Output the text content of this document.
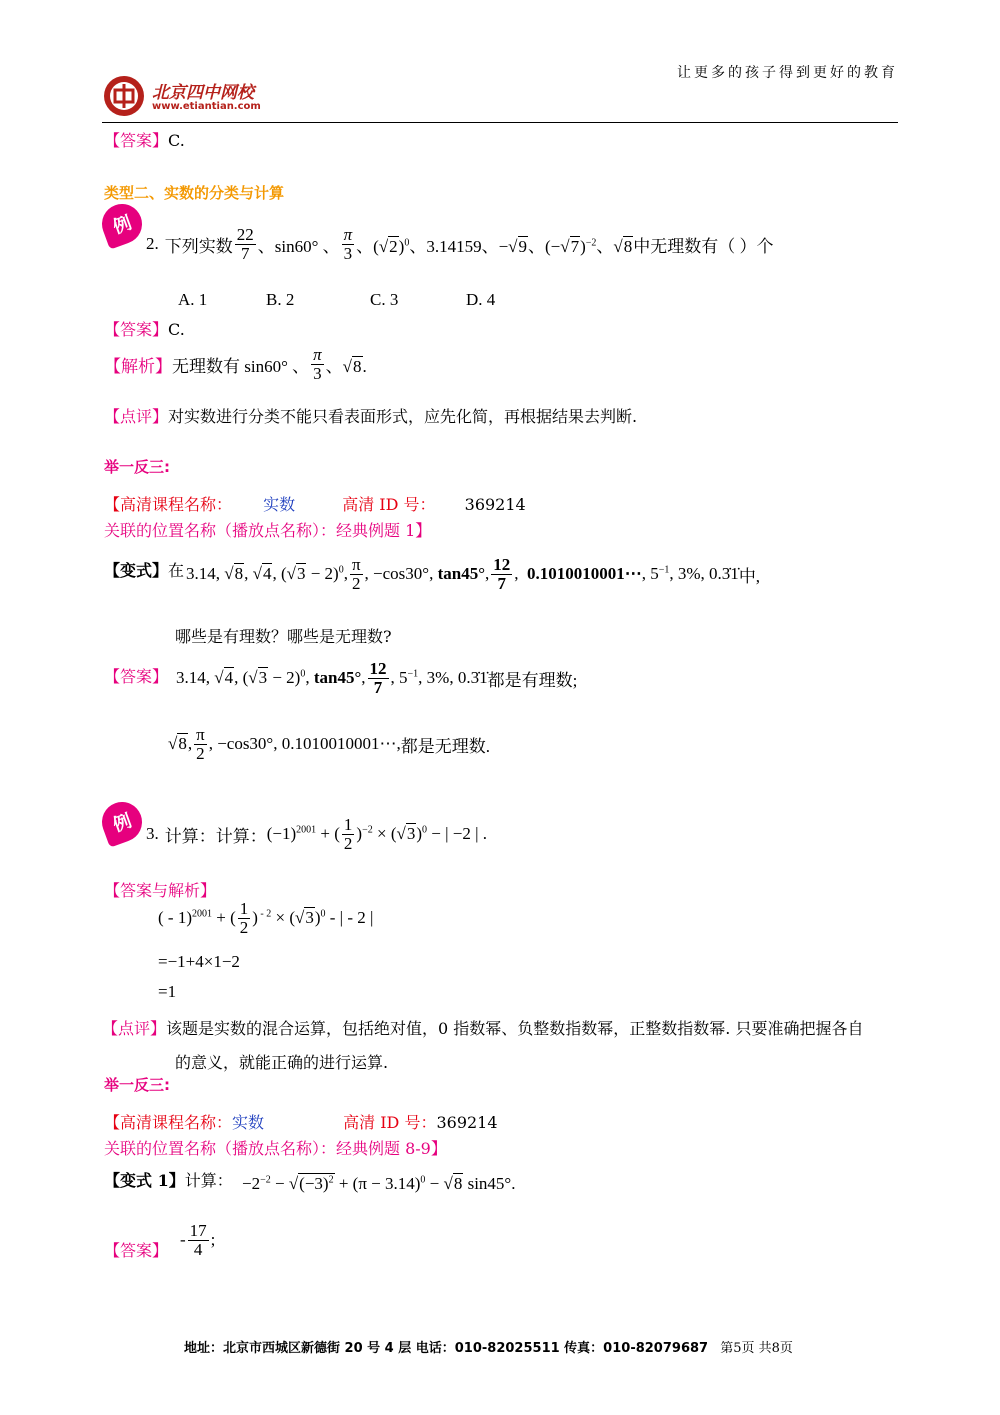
让更多的孩子得到更好的教育
北京四中网校
www.etiantian.com
【答案】C.
类型二、实数的分类与计算
例
2. 下列实数 $\frac{22}{7}$ 、sin60° 、 $\frac{\pi}{3}$ 、$(√2)^0$、3.14159、−√9、$(-√7)^{-2}$、√8 中无理数有（ ）个
A. 1	B. 2	C. 3	D. 4
【答案】C.
【解析】 无理数有 sin60° 、 $\frac{\pi}{3}$ 、√8.
【点评】对实数进行分类不能只看表面形式，应先化简，再根据结果去判断.
举一反三:
【高清课程名称： 实数	高清 ID 号： 369214
关联的位置名称（播放点名称）：经典例题 1】
【变式】在 3.14, √8, √4, $(√3 - 2)^0$, $\frac{\pi}{2}$ , −cos30°, tan45°, $\frac{12}{7}$ ,  0.1010010001⋯, $5^{-1}$, 3%, 0.3̇1̇ 中,
哪些是有理数？哪些是无理数?
【答案】 3.14, √4, $(√3 - 2)^0$, tan45°, $\frac{12}{7}$ , $5^{-1}$, 3%, 0.3̇1̇ 都是有理数;
√8, $\frac{\pi}{2}$ , −cos30°, 0.1010010001⋯, 都是无理数.
例 3. 计算：计算： $(-1)^{2001}$ + ( $\frac{1}{2} )^{-2} \times (√3)^0$ − | −2 | .
【答案与解析】
( - 1)$^{2001}$ + ( $\frac{1}{2}$ ) $^{- 2} \times (√3)^0$ - | - 2 |
=−1+4×1−2
=1
【点评】该题是实数的混合运算，包括绝对值，0 指数幂、负整数指数幂，正整数指数幂. 只要准确把握各自
的意义，就能正确的进行运算.
举一反三:
【高清课程名称：实数	高清 ID 号：369214
关联的位置名称（播放点名称）：经典例题 8-9】
【变式 1】计算： $-2^{-2} - √(-3)^2 + (\pi - 3.14)^0 - √8$ sin45°.
【答案】
- $\frac{17}{4}$ ;
地址：北京市西城区新德街 20 号 4 层 电话：010-82025511 传真：010-82079687 第5页 共8页
